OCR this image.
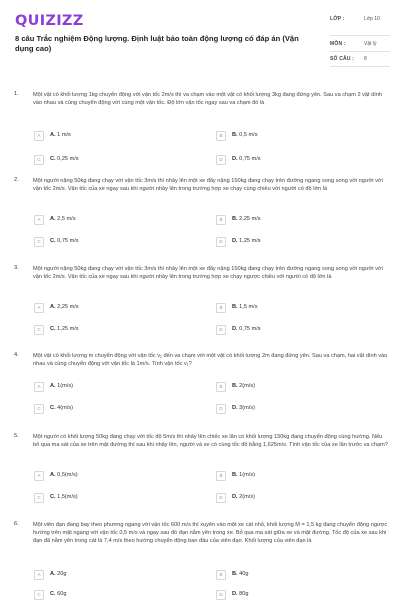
QUIZIZZ
8 câu Trắc nghiệm Động lượng. Định luật bảo toàn động lượng có đáp án (Vận dụng cao)
LỚP :	Lớp 10
MÔN :	Vật lý
SỐ CÂU : 8
1.	Một vật có khối lượng 1kg chuyển động với vận tốc 2m/s thì va chạm vào một vật có khối lượng 3kg đang đứng yên. Sau va chạm 2 vật dính vào nhau và cùng chuyển động với cùng một vận tốc. Độ lớn vận tốc ngay sau va chạm đó là
A	A. 1 m/s	B	B. 0,5 m/s
C	C. 0,25 m/s	D	D. 0,75 m/s
2.	Một người nặng 50kg đang chạy với vận tốc 3m/s thì nhảy lên một xe đẩy nặng 150kg đang chạy trên đường ngang song song với người với vận tốc 2m/s. Vận tốc của xe ngay sau khi người nhảy lên trong trường hợp xe chạy cùng chiều với người có độ lớn là
A	A. 2,5 m/s	B	B. 2,25 m/s
C	C. 0,75 m/s	D	D. 1,25 m/s
3.	Một người nặng 50kg đang chạy với vận tốc 3m/s thì nhảy lên một xe đẩy nặng 150kg đang chạy trên đường ngang song song với người với vận tốc 2m/s. Vận tốc của xe ngay sau khi người nhảy lên trong trường hợp xe chạy ngược chiều với người có độ lớn là
A	A. 2,25 m/s	B	B. 1,5 m/s
C	C. 1,25 m/s	D	D. 0,75 m/s
4.	Một vật có khối lượng m chuyển động với vận tốc v₁ đến va chạm với một vật có khối lượng 2m đang đứng yên. Sau va chạm, hai vật dính vào nhau và cùng chuyển động với vận tốc là 1m/s. Tính vận tốc v₁?
A	A. 1(m/s)	B	B. 2(m/s)
C	C. 4(m/s)	D	D. 3(m/s)
5.	Một người có khối lượng 50kg đang chạy với tốc độ 5m/s thì nhảy lên chiếc xe lăn có khối lượng 150kg đang chuyển động cùng hướng. Nếu bỏ qua ma sát của xe trên mặt đường thì sau khi nhảy lên, người và xe có cùng tốc độ bằng 1,625m/s. Tính vận tốc của xe lăn trước va chạm?
A	A. 0,5(m/s)	B	B. 1(m/s)
C	C. 1,5(m/s)	D	D. 2(m/s)
6.	Một viên đạn đang bay theo phương ngang với vận tốc 600 m/s thì xuyên vào một xe cát nhỏ, khối lượng M = 1,5 kg đang chuyển động ngược hướng trên mặt ngang với vận tốc 0,5 m/s và ngay sau đó đạn nằm yên trong xe. Bỏ qua ma sát giữa xe và mặt đường. Tốc độ của xe sau khi đạn đã nằm yên trong cát là 7,4 m/s theo hướng chuyển động ban đầu của viên đạn. Khối lượng của viên đạn là
A	A. 20g	B	B. 40g
C	C. 60g	D	D. 80g
